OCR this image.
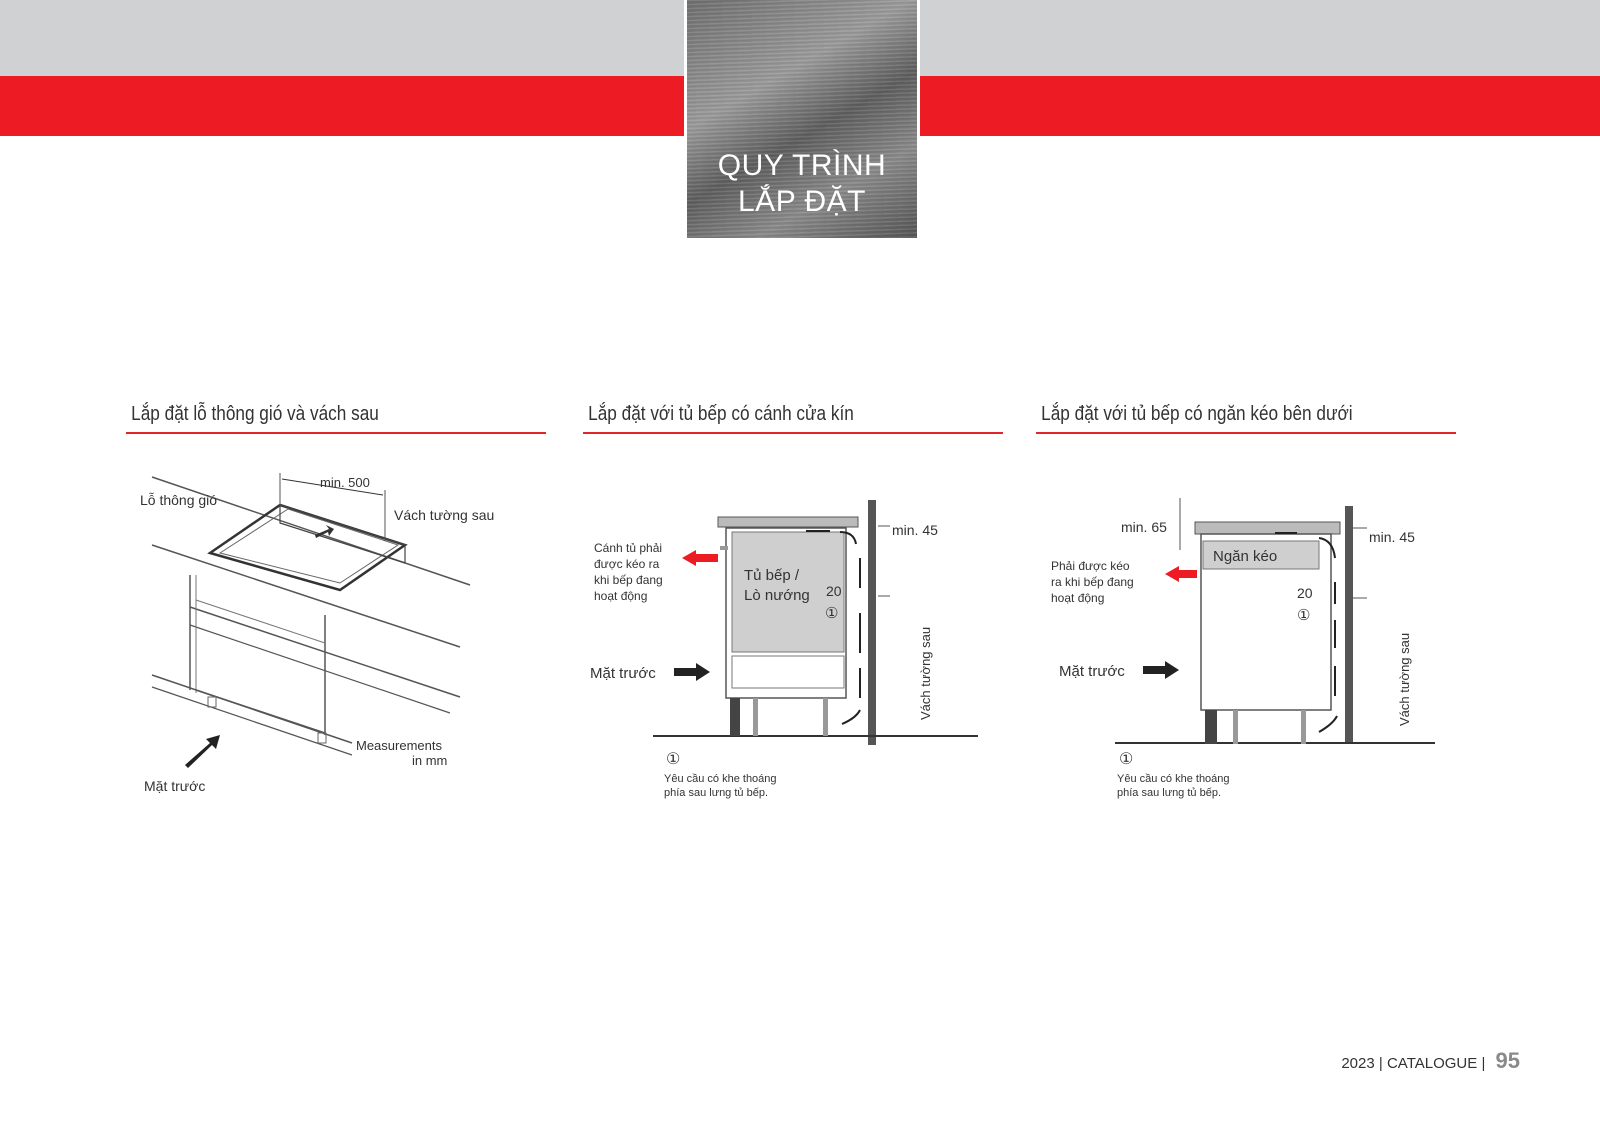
QUY TRÌNH
LẮP ĐẶT
Lắp đặt lỗ thông gió và vách sau
Lỗ thông gió
min. 500
Vách tường sau
Measurements
in mm
Mặt trước
Lắp đặt với tủ bếp có cánh cửa kín
min. 45
20
①
Tủ bếp /
Lò nướng
Cánh tủ phải
được kéo ra
khi bếp đang
hoạt động
Mặt trước	Vách tường sau
①
Yêu cầu có khe thoáng
phía sau lưng tủ bếp.
Lắp đặt với tủ bếp có ngăn kéo bên dưới
min. 65
min. 45
Ngăn kéo
20
①
Phải được kéo
ra khi bếp đang
hoạt động
Mặt trước	Vách tường sau
①
Yêu cầu có khe thoáng
phía sau lưng tủ bếp.
2023 | CATALOGUE | 95
